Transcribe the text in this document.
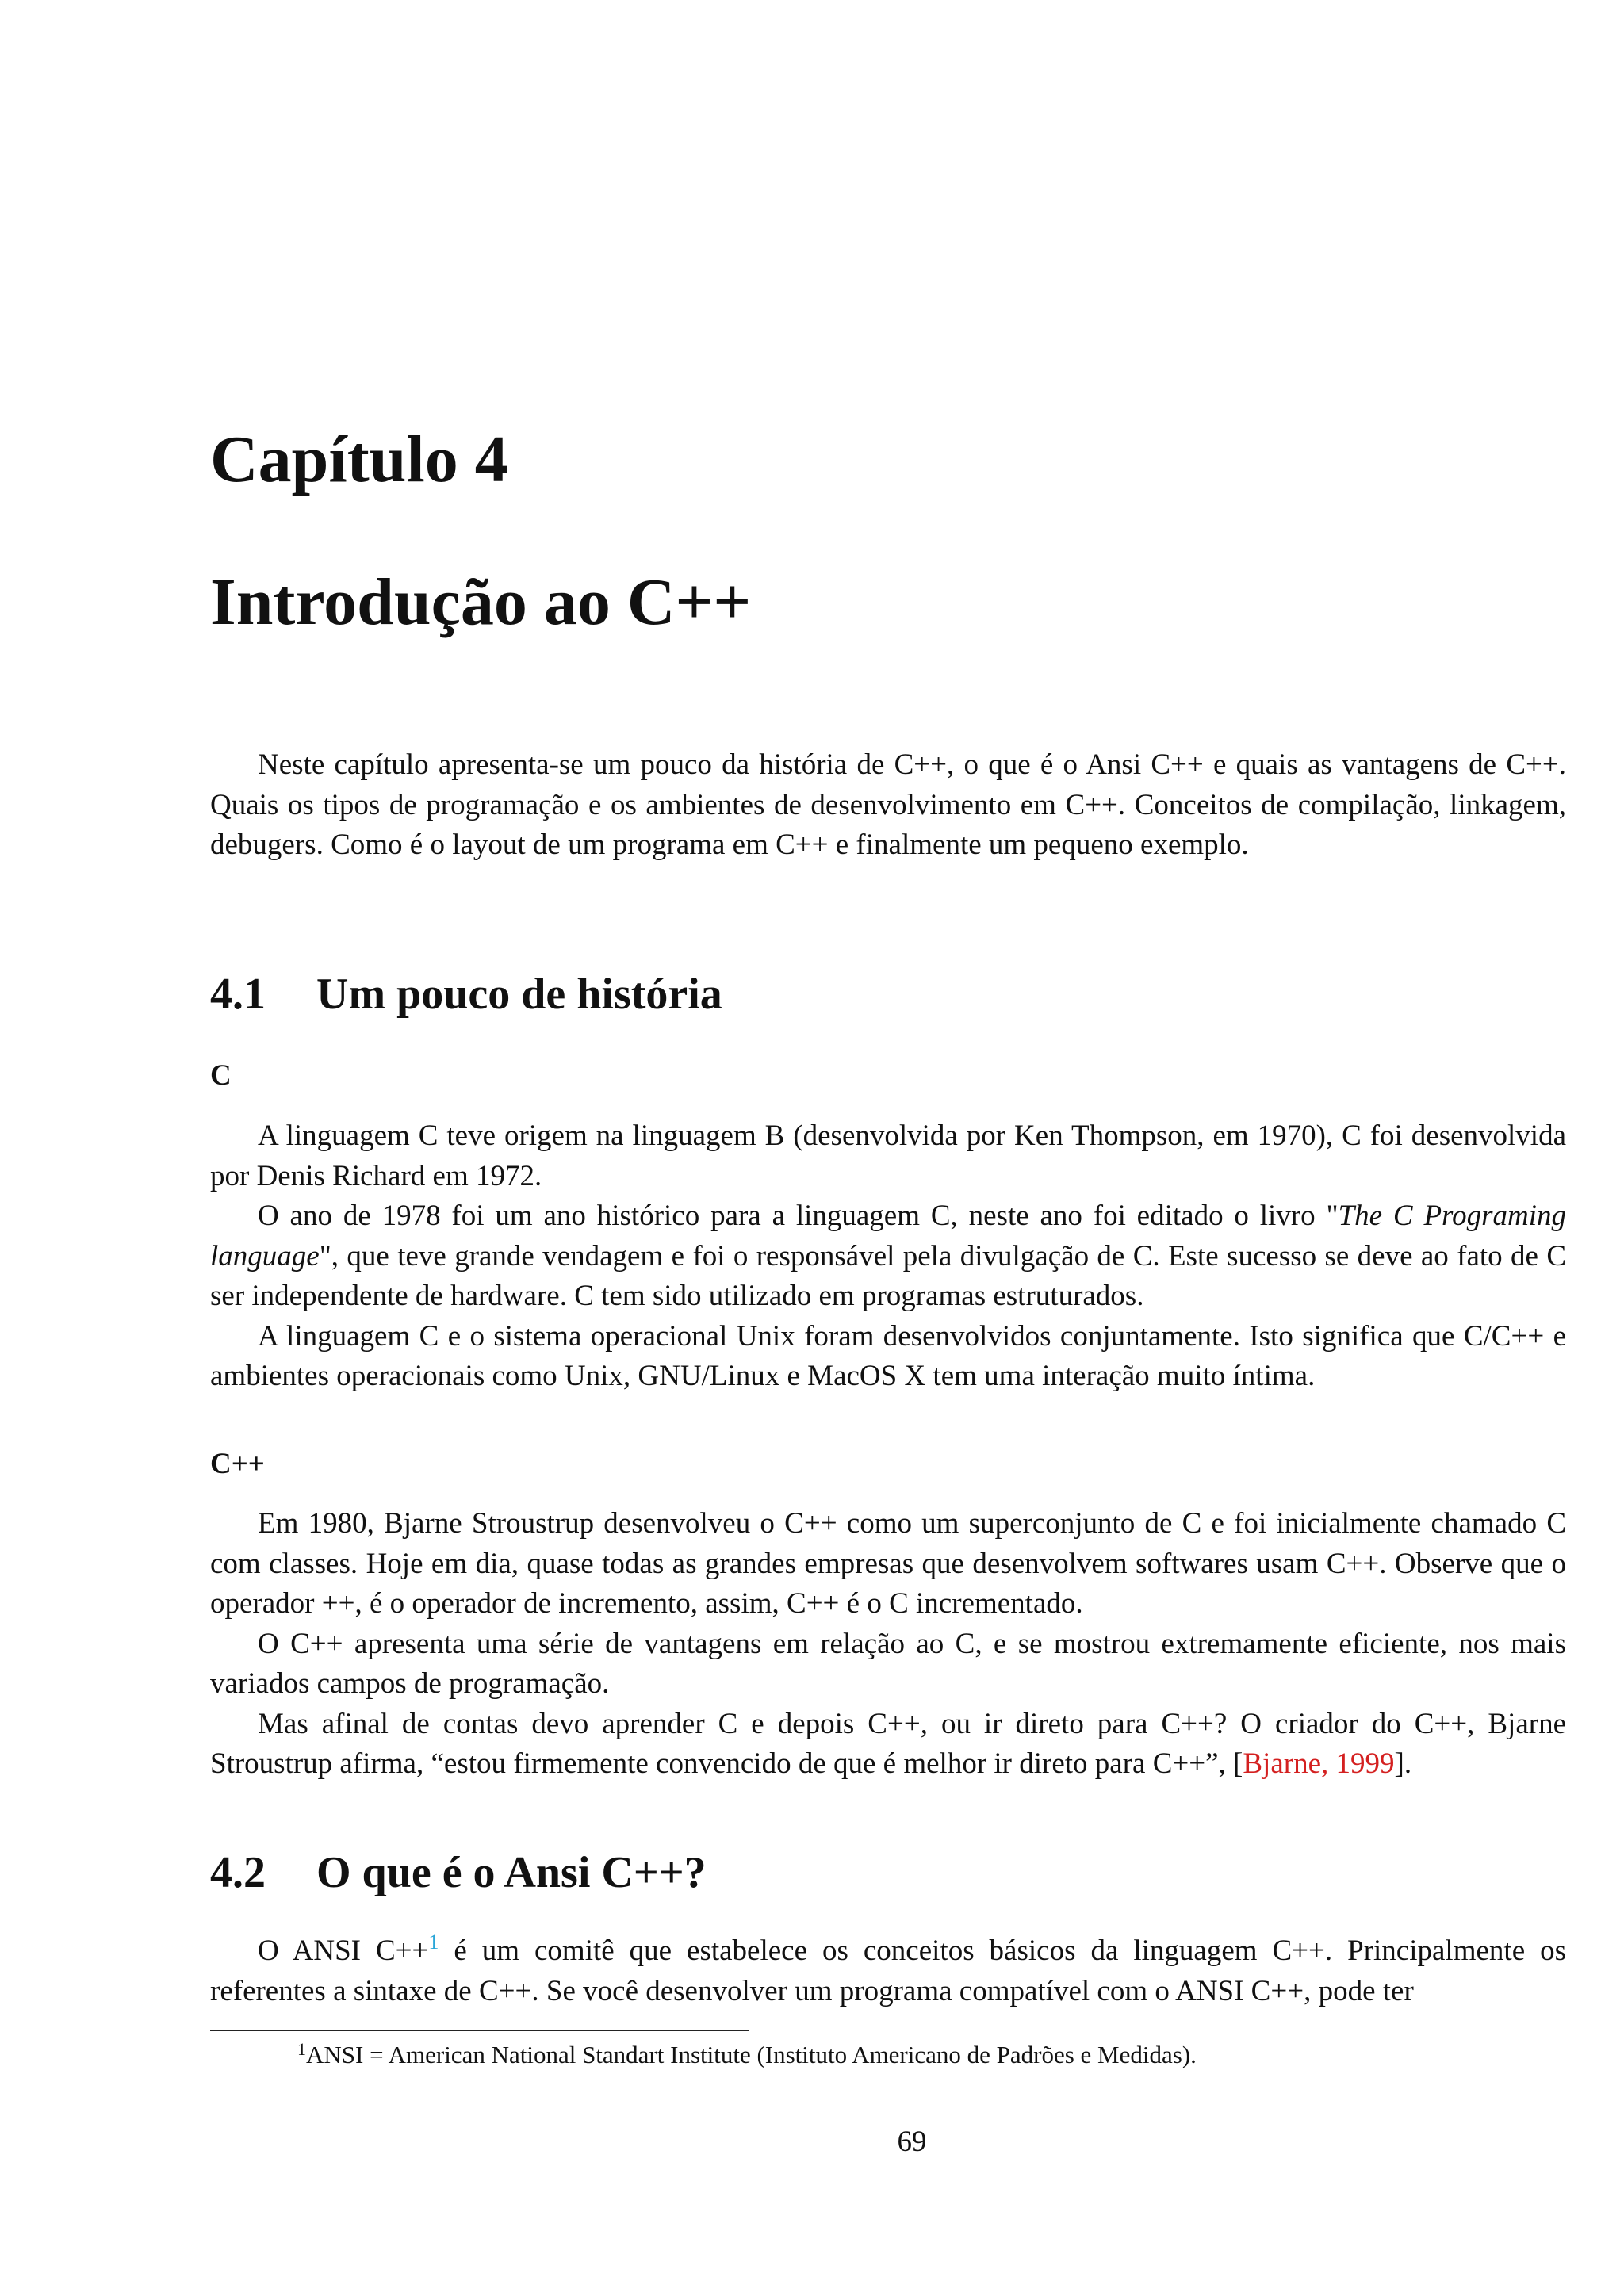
Capítulo 4
Introdução ao C++

Neste capítulo apresenta-se um pouco da história de C++, o que é o Ansi C++ e quais as vantagens de C++. Quais os tipos de programação e os ambientes de desenvolvimento em C++. Conceitos de compilação, linkagem, debugers. Como é o layout de um programa em C++ e finalmente um pequeno exemplo.

4.1 Um pouco de história
C

A linguagem C teve origem na linguagem B (desenvolvida por Ken Thompson, em 1970), C foi desenvolvida por Denis Richard em 1972.

O ano de 1978 foi um ano histórico para a linguagem C, neste ano foi editado o livro "The C Programing language", que teve grande vendagem e foi o responsável pela divulgação de C. Este sucesso se deve ao fato de C ser independente de hardware. C tem sido utilizado em programas estruturados.

A linguagem C e o sistema operacional Unix foram desenvolvidos conjuntamente. Isto significa que C/C++ e ambientes operacionais como Unix, GNU/Linux e MacOS X tem uma interação muito íntima.

C++

Em 1980, Bjarne Stroustrup desenvolveu o C++ como um superconjunto de C e foi inicialmente chamado C com classes. Hoje em dia, quase todas as grandes empresas que desenvolvem softwares usam C++. Observe que o operador ++, é o operador de incremento, assim, C++ é o C incrementado.

O C++ apresenta uma série de vantagens em relação ao C, e se mostrou extremamente eficiente, nos mais variados campos de programação.

Mas afinal de contas devo aprender C e depois C++, ou ir direto para C++? O criador do C++, Bjarne Stroustrup afirma, “estou firmemente convencido de que é melhor ir direto para C++”, [Bjarne, 1999].

4.2 O que é o Ansi C++?

O ANSI C++$^1$ é um comitê que estabelece os conceitos básicos da linguagem C++. Principalmente os referentes a sintaxe de C++. Se você desenvolver um programa compatível com o ANSI C++, pode ter

$^1$ANSI = American National Standart Institute (Instituto Americano de Padrões e Medidas).

69
